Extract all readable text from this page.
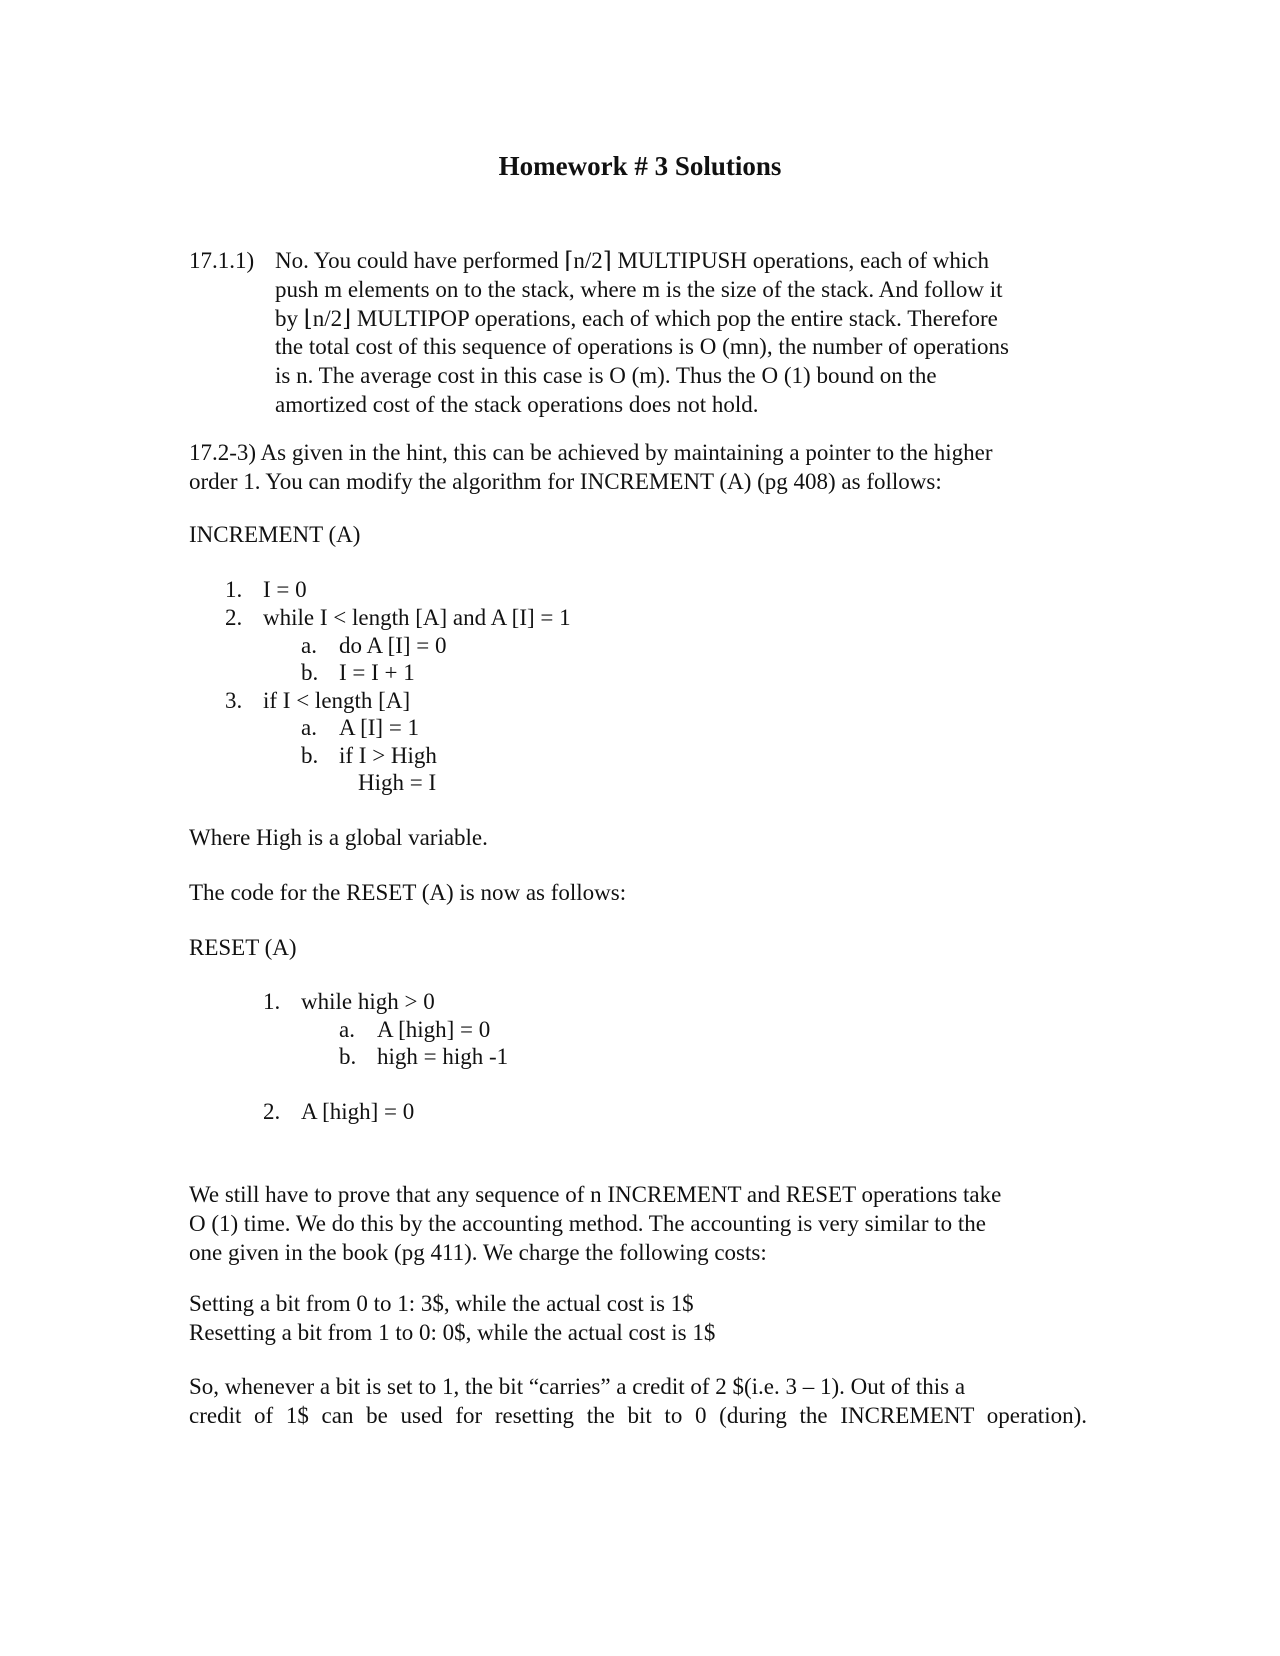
Homework # 3 Solutions
17.1.1) No. You could have performed ⌈n/2⌉ MULTIPUSH operations, each of which
push m elements on to the stack, where m is the size of the stack. And follow it
by ⌊n/2⌋ MULTIPOP operations, each of which pop the entire stack. Therefore
the total cost of this sequence of operations is O (mn), the number of operations
is n. The average cost in this case is O (m). Thus the O (1) bound on the
amortized cost of the stack operations does not hold.
17.2-3) As given in the hint, this can be achieved by maintaining a pointer to the higher
order 1. You can modify the algorithm for INCREMENT (A) (pg 408) as follows:
INCREMENT (A)
1. I = 0
2. while I < length [A] and A [I] = 1
a. do A [I] = 0
b. I = I + 1
3. if I < length [A]
a. A [I] = 1
b. if I > High
High = I
Where High is a global variable.
The code for the RESET (A) is now as follows:
RESET (A)
1. while high > 0
a. A [high] = 0
b. high = high -1
2. A [high] = 0
We still have to prove that any sequence of n INCREMENT and RESET operations take
O (1) time. We do this by the accounting method. The accounting is very similar to the
one given in the book (pg 411). We charge the following costs:
Setting a bit from 0 to 1: 3$, while the actual cost is 1$
Resetting a bit from 1 to 0: 0$, while the actual cost is 1$
So, whenever a bit is set to 1, the bit “carries” a credit of 2 $(i.e. 3 – 1). Out of this a
credit of 1$ can be used for resetting the bit to 0 (during the INCREMENT operation).
